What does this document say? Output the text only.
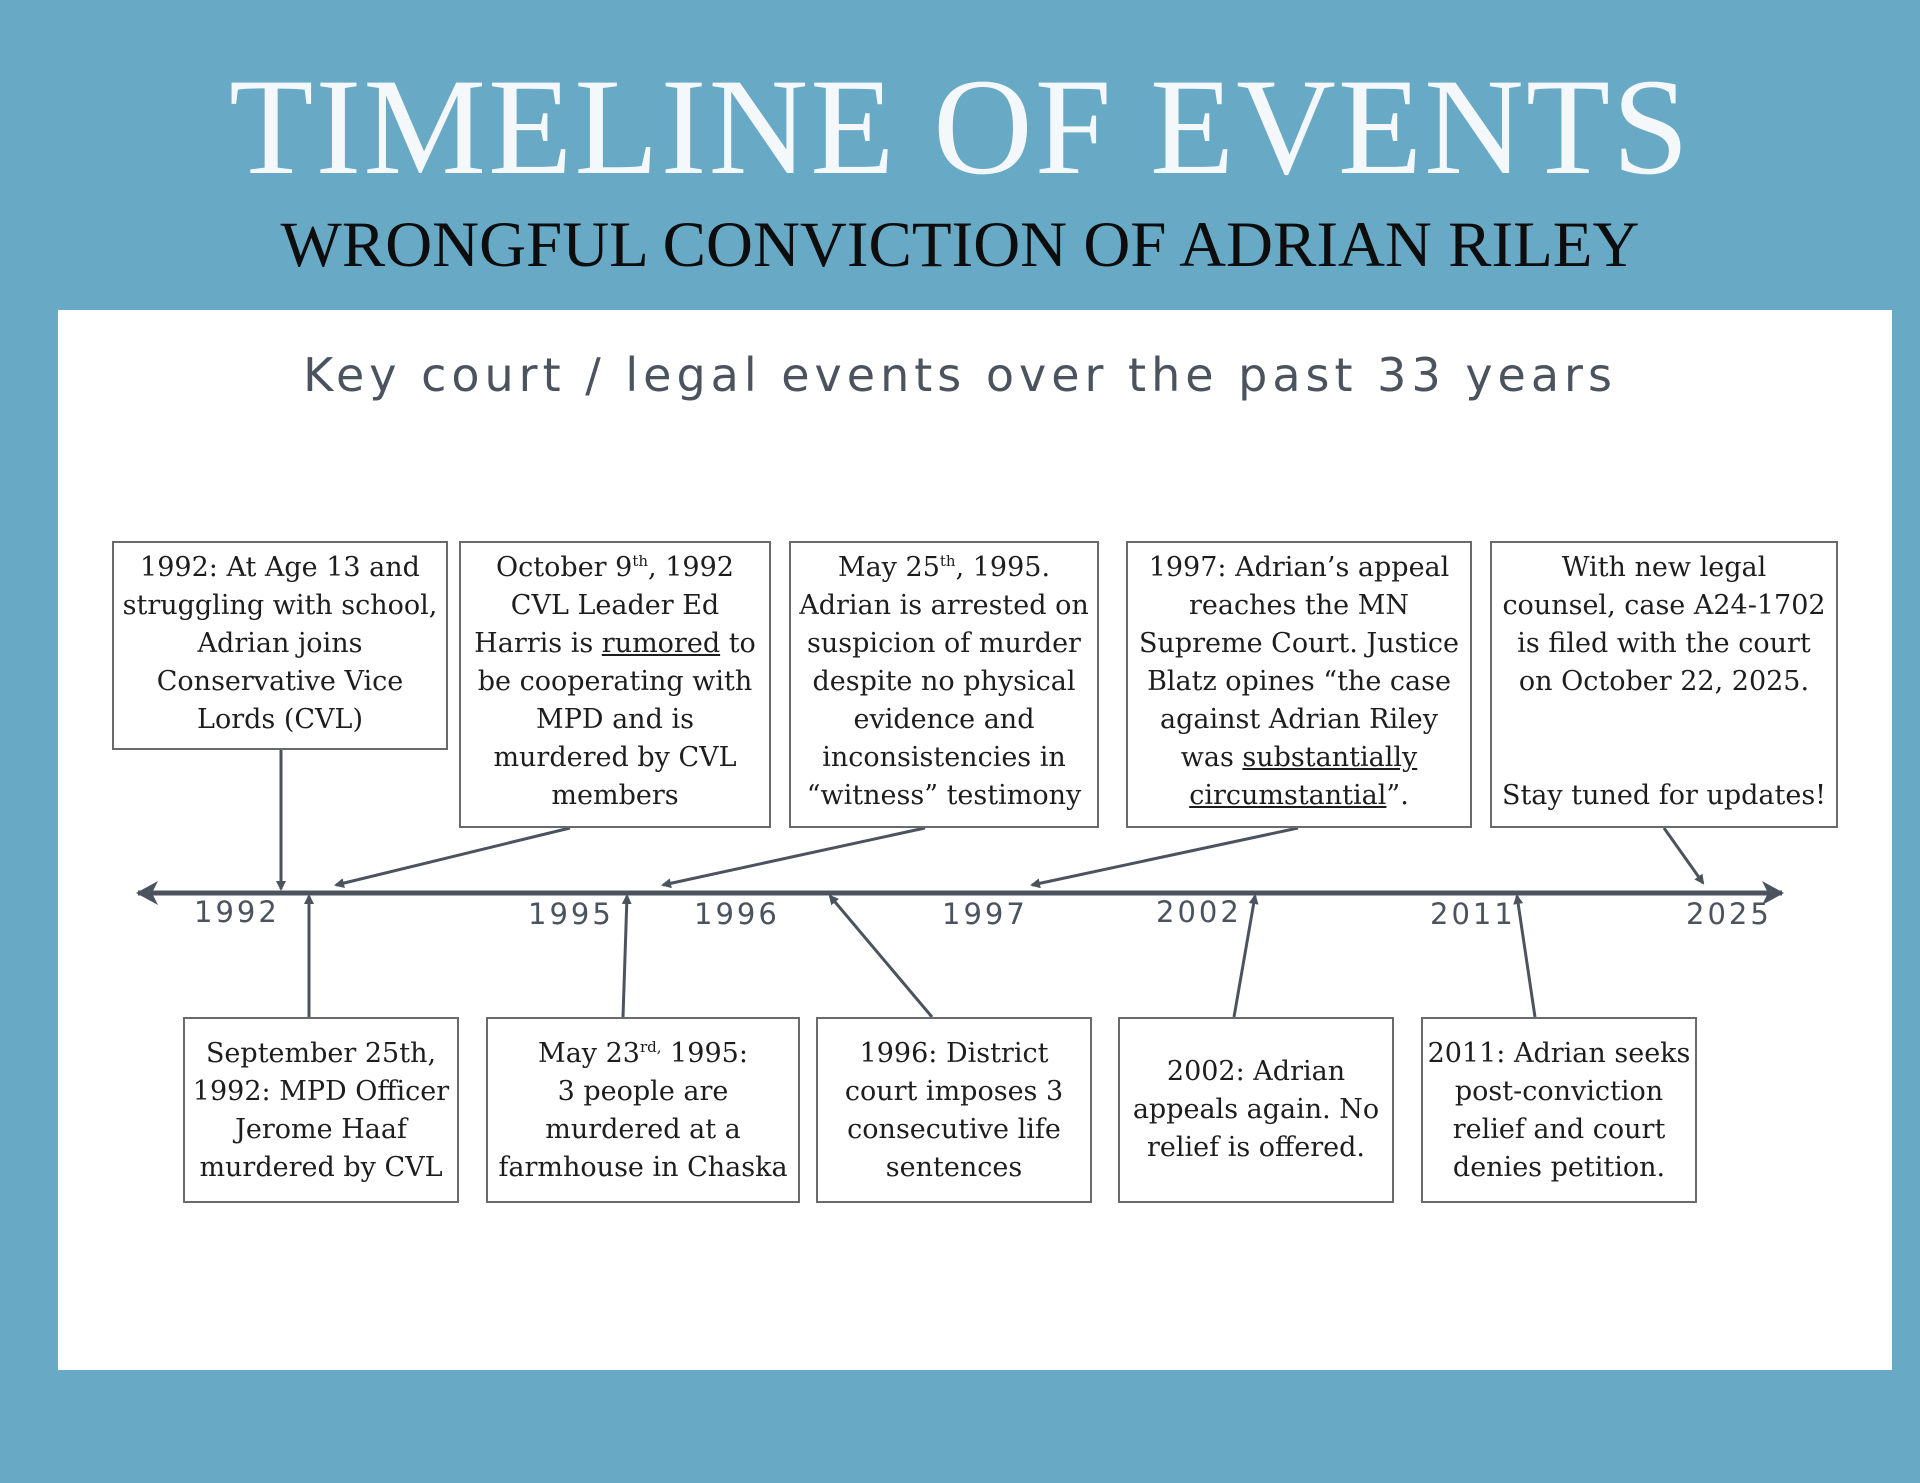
TIMELINE OF EVENTS
WRONGFUL CONVICTION OF ADRIAN RILEY
Key court / legal events over the past 33 years
1992	1995	1996	1997	2002	2011	2025
1992: At Age 13 and
struggling with school,
Adrian joins
Conservative Vice
Lords (CVL)
October 9th, 1992
CVL Leader Ed
Harris is rumored to
be cooperating with
MPD and is
murdered by CVL
members
May 25th, 1995.
Adrian is arrested on
suspicion of murder
despite no physical
evidence and
inconsistencies in
“witness” testimony
1997: Adrian’s appeal
reaches the MN
Supreme Court. Justice
Blatz opines “the case
against Adrian Riley
was substantially
circumstantial”.
With new legal
counsel, case A24-1702
is filed with the court
on October 22, 2025.

Stay tuned for updates!
September 25th,
1992: MPD Officer
Jerome Haaf
murdered by CVL
May $23^{rd,}$ 1995:
3 people are
murdered at a
farmhouse in Chaska
1996: District
court imposes 3
consecutive life
sentences
2002: Adrian
appeals again. No
relief is offered.
2011: Adrian seeks
post-conviction
relief and court
denies petition.
